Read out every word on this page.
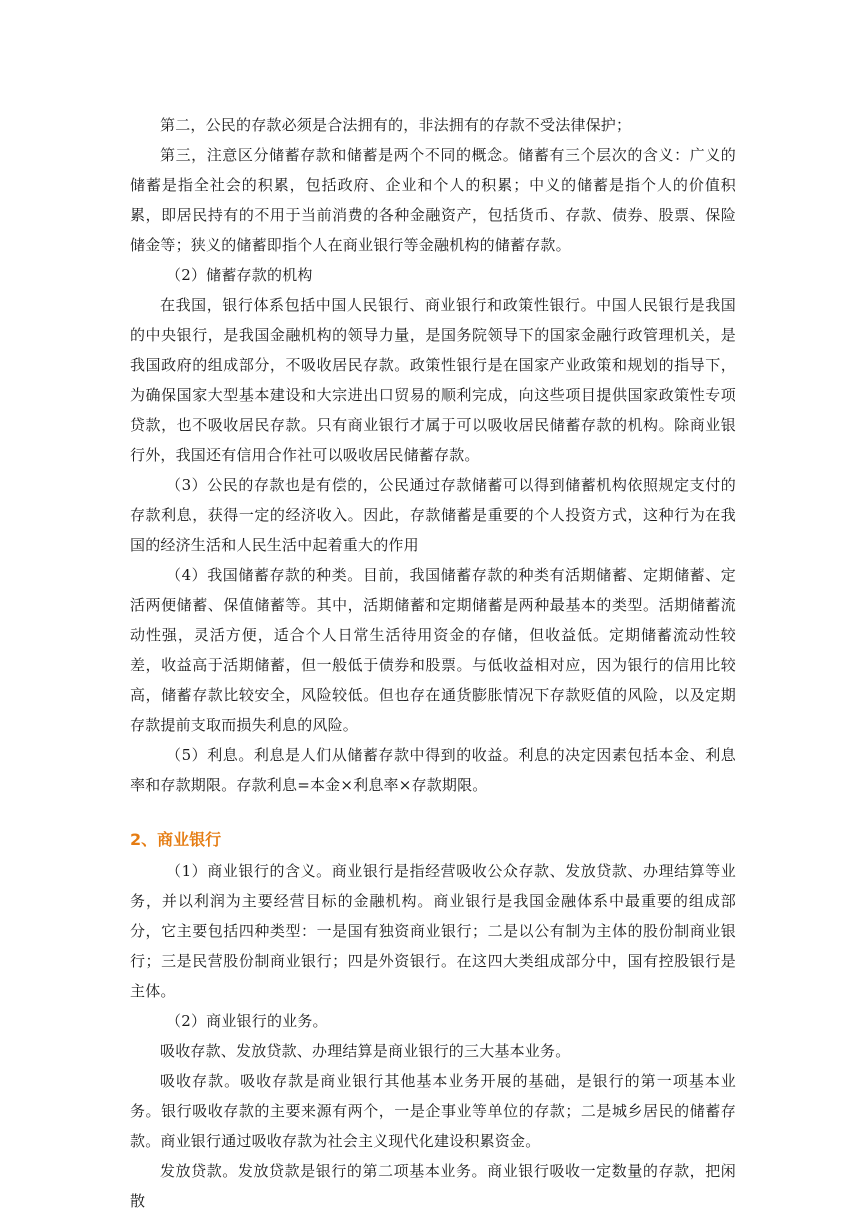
第二，公民的存款必须是合法拥有的，非法拥有的存款不受法律保护；

第三，注意区分储蓄存款和储蓄是两个不同的概念。储蓄有三个层次的含义：广义的储蓄是指全社会的积累，包括政府、企业和个人的积累；中义的储蓄是指个人的价值积累，即居民持有的不用于当前消费的各种金融资产，包括货币、存款、债券、股票、保险储金等；狭义的储蓄即指个人在商业银行等金融机构的储蓄存款。

（2）储蓄存款的机构

在我国，银行体系包括中国人民银行、商业银行和政策性银行。中国人民银行是我国的中央银行，是我国金融机构的领导力量，是国务院领导下的国家金融行政管理机关，是我国政府的组成部分，不吸收居民存款。政策性银行是在国家产业政策和规划的指导下，为确保国家大型基本建设和大宗进出口贸易的顺利完成，向这些项目提供国家政策性专项贷款，也不吸收居民存款。只有商业银行才属于可以吸收居民储蓄存款的机构。除商业银行外，我国还有信用合作社可以吸收居民储蓄存款。

（3）公民的存款也是有偿的，公民通过存款储蓄可以得到储蓄机构依照规定支付的存款利息，获得一定的经济收入。因此，存款储蓄是重要的个人投资方式，这种行为在我国的经济生活和人民生活中起着重大的作用

（4）我国储蓄存款的种类。目前，我国储蓄存款的种类有活期储蓄、定期储蓄、定活两便储蓄、保值储蓄等。其中，活期储蓄和定期储蓄是两种最基本的类型。活期储蓄流动性强，灵活方便，适合个人日常生活待用资金的存储，但收益低。定期储蓄流动性较差，收益高于活期储蓄，但一般低于债券和股票。与低收益相对应，因为银行的信用比较高，储蓄存款比较安全，风险较低。但也存在通货膨胀情况下存款贬值的风险，以及定期存款提前支取而损失利息的风险。

（5）利息。利息是人们从储蓄存款中得到的收益。利息的决定因素包括本金、利息率和存款期限。存款利息=本金×利息率×存款期限。

2、商业银行

（1）商业银行的含义。商业银行是指经营吸收公众存款、发放贷款、办理结算等业务，并以利润为主要经营目标的金融机构。商业银行是我国金融体系中最重要的组成部分，它主要包括四种类型：一是国有独资商业银行；二是以公有制为主体的股份制商业银行；三是民营股份制商业银行；四是外资银行。在这四大类组成部分中，国有控股银行是主体。

（2）商业银行的业务。

吸收存款、发放贷款、办理结算是商业银行的三大基本业务。

吸收存款。吸收存款是商业银行其他基本业务开展的基础，是银行的第一项基本业务。银行吸收存款的主要来源有两个，一是企事业等单位的存款；二是城乡居民的储蓄存款。商业银行通过吸收存款为社会主义现代化建设积累资金。

发放贷款。发放贷款是银行的第二项基本业务。商业银行吸收一定数量的存款，把闲散
